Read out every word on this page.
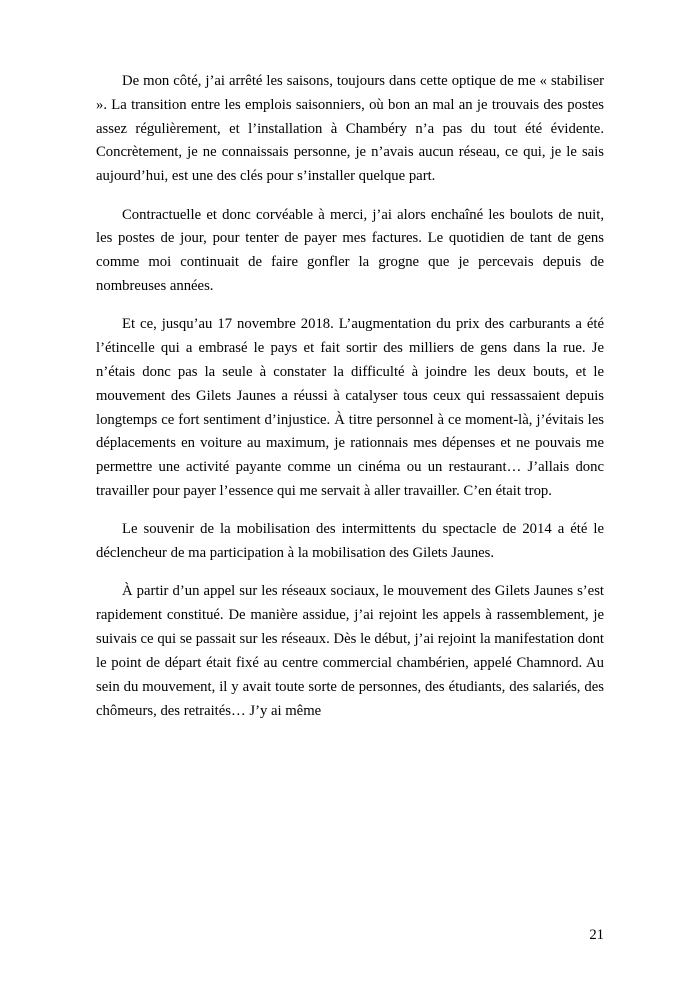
De mon côté, j’ai arrêté les saisons, toujours dans cette optique de me « stabiliser ». La transition entre les emplois saisonniers, où bon an mal an je trouvais des postes assez régulièrement, et l’installation à Chambéry n’a pas du tout été évidente. Concrètement, je ne connaissais personne, je n’avais aucun réseau, ce qui, je le sais aujourd’hui, est une des clés pour s’installer quelque part.

Contractuelle et donc corvéable à merci, j’ai alors enchaîné les boulots de nuit, les postes de jour, pour tenter de payer mes factures. Le quotidien de tant de gens comme moi continuait de faire gonfler la grogne que je percevais depuis de nombreuses années.

Et ce, jusqu’au 17 novembre 2018. L’augmentation du prix des carburants a été l’étincelle qui a embrasé le pays et fait sortir des milliers de gens dans la rue. Je n’étais donc pas la seule à constater la difficulté à joindre les deux bouts, et le mouvement des Gilets Jaunes a réussi à catalyser tous ceux qui ressassaient depuis longtemps ce fort sentiment d’injustice. À titre personnel à ce moment-là, j’évitais les déplacements en voiture au maximum, je rationnais mes dépenses et ne pouvais me permettre une activité payante comme un cinéma ou un restaurant… J’allais donc travailler pour payer l’essence qui me servait à aller travailler. C’en était trop.

Le souvenir de la mobilisation des intermittents du spectacle de 2014 a été le déclencheur de ma participation à la mobilisation des Gilets Jaunes.

À partir d’un appel sur les réseaux sociaux, le mouvement des Gilets Jaunes s’est rapidement constitué. De manière assidue, j’ai rejoint les appels à rassemblement, je suivais ce qui se passait sur les réseaux. Dès le début, j’ai rejoint la manifestation dont le point de départ était fixé au centre commercial chambérien, appelé Chamnord. Au sein du mouvement, il y avait toute sorte de personnes, des étudiants, des salariés, des chômeurs, des retraités… J’y ai même

21
